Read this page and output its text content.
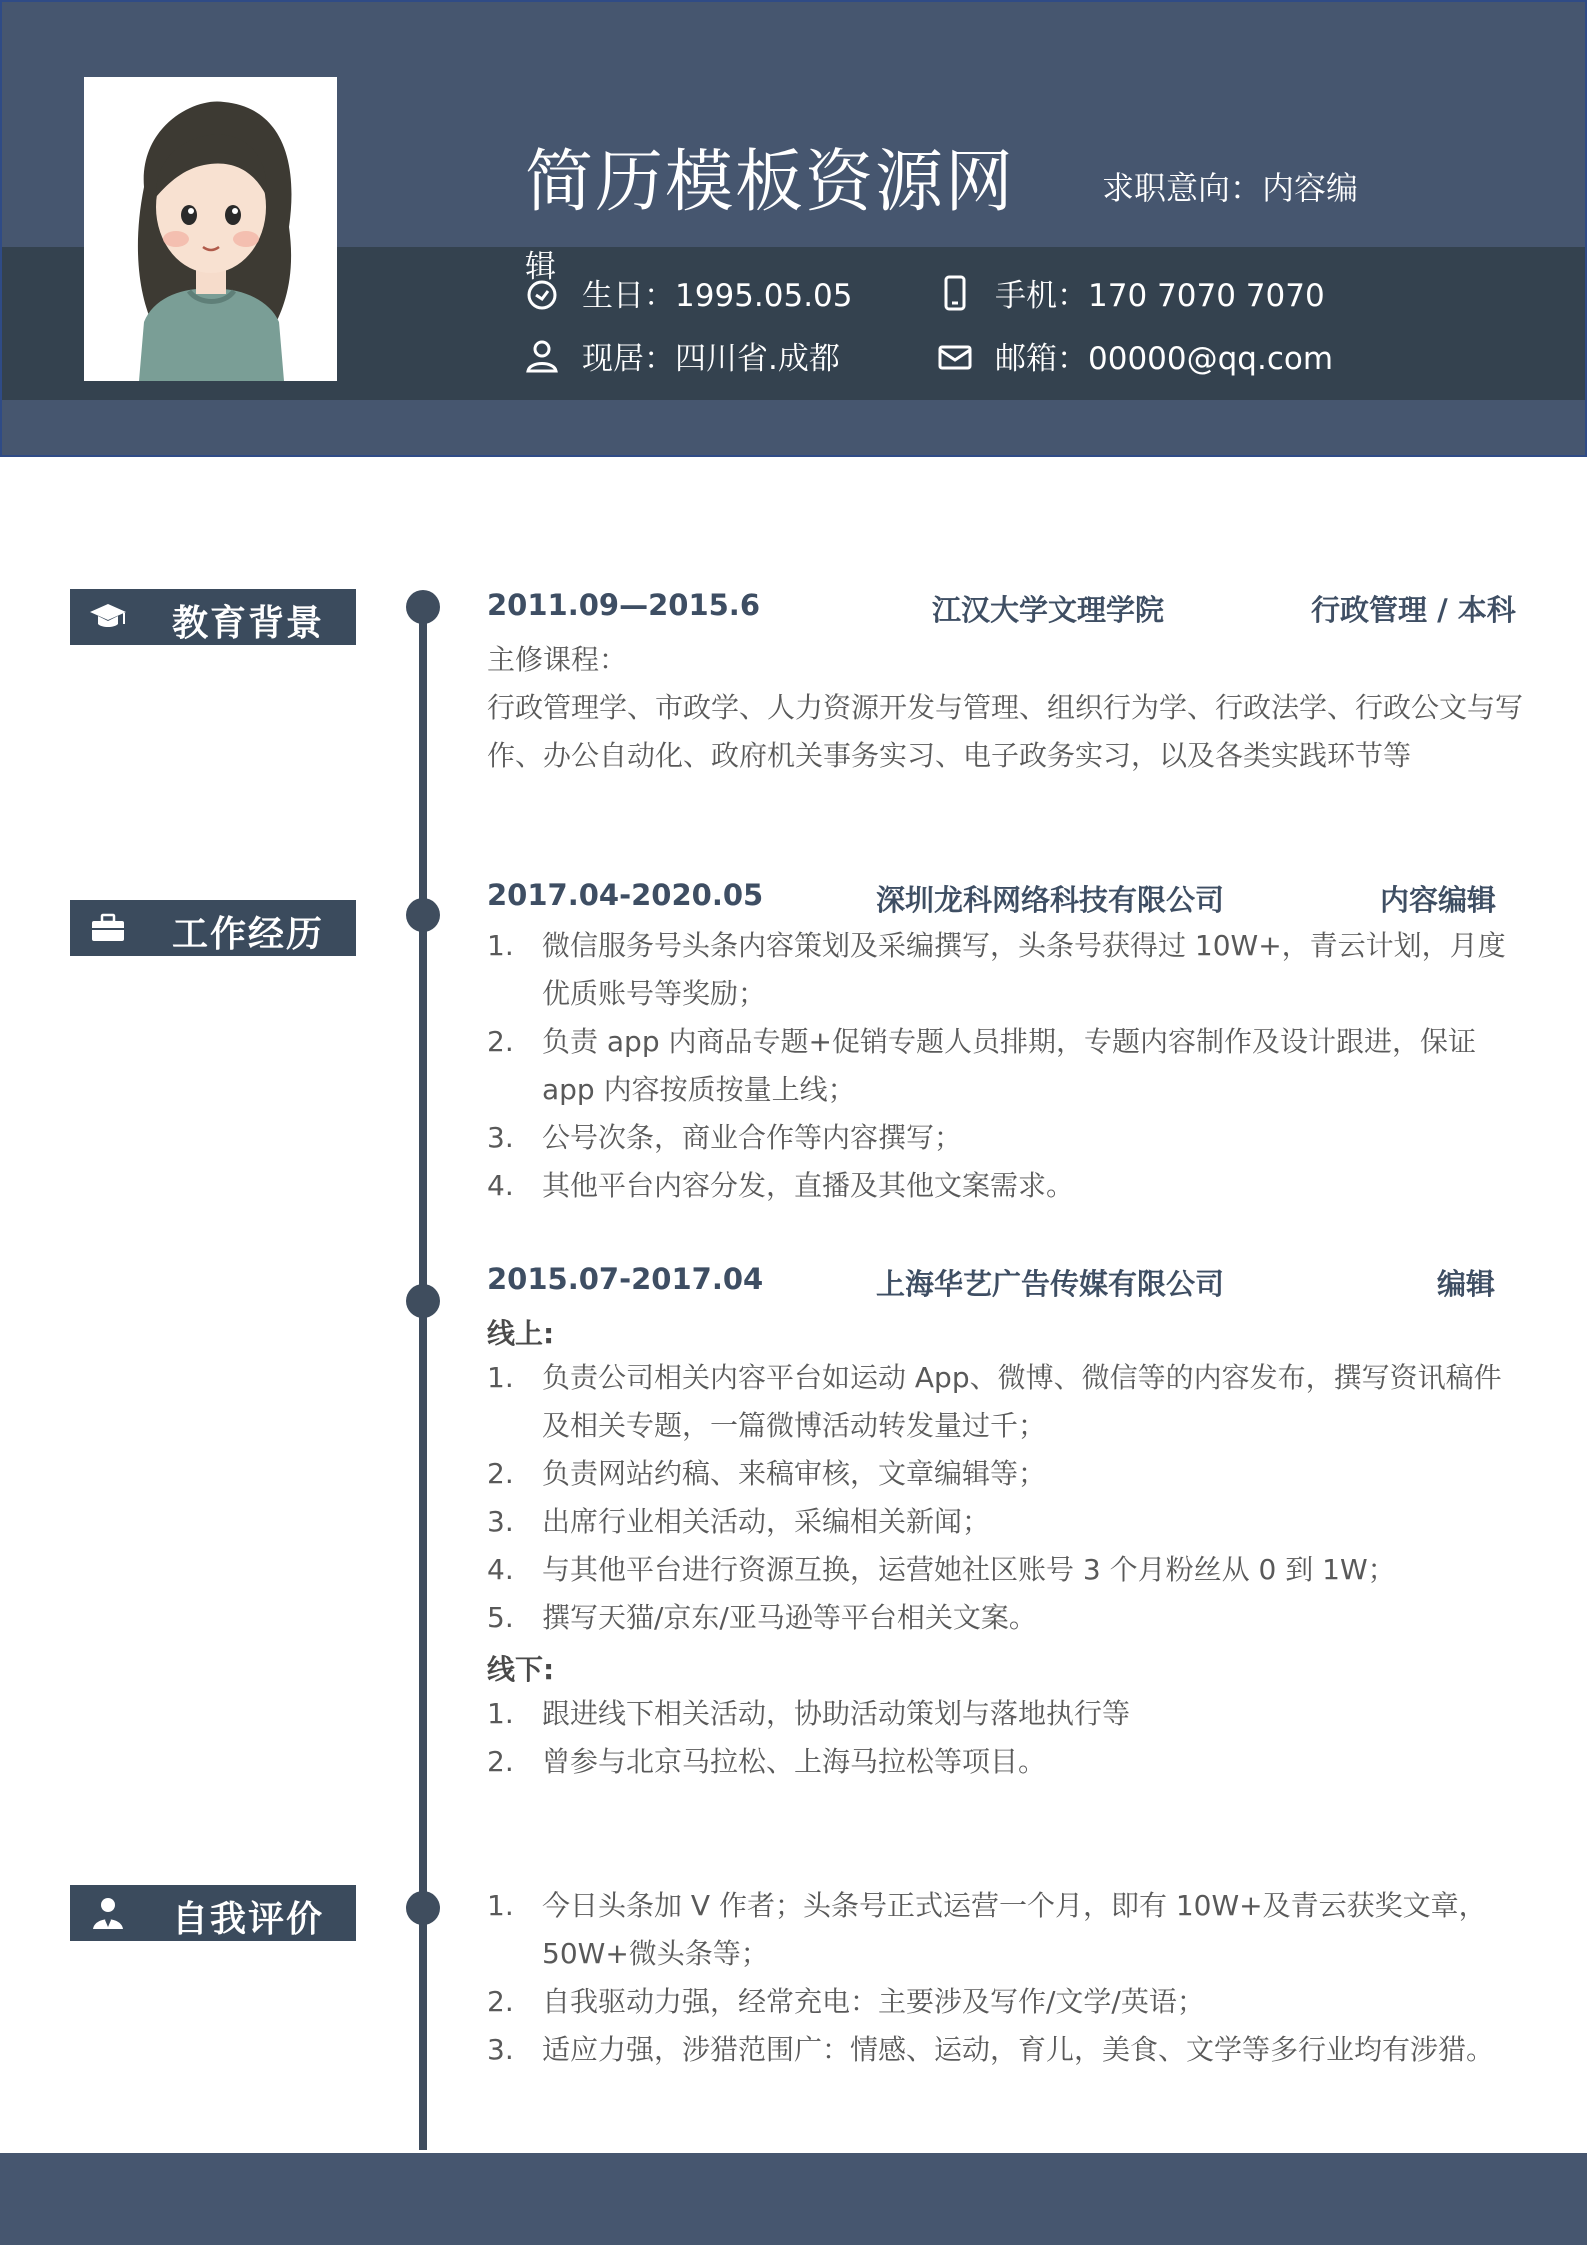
简历模板资源网	求职意向：内容编
辑
生日：1995.05.05	手机：170 7070 7070
现居：四川省.成都	邮箱：00000@qq.com
教育背景	2011.09—2015.6	江汉大学文理学院	行政管理 / 本科
主修课程：
行政管理学、市政学、人力资源开发与管理、组织行为学、行政法学、行政公文与写
作、办公自动化、政府机关事务实习、电子政务实习，以及各类实践环节等
工作经历
2017.04-2020.05	深圳龙科网络科技有限公司	内容编辑
1. 微信服务号头条内容策划及采编撰写，头条号获得过 10W+，青云计划，月度优质账号等奖励；
2. 负责 app 内商品专题+促销专题人员排期，专题内容制作及设计跟进，保证 app 内容按质按量上线；
3. 公号次条，商业合作等内容撰写；
4. 其他平台内容分发，直播及其他文案需求。
2015.07-2017.04	上海华艺广告传媒有限公司	编辑
线上:
1. 负责公司相关内容平台如运动 App、微博、微信等的内容发布，撰写资讯稿件及相关专题，一篇微博活动转发量过千；
2. 负责网站约稿、来稿审核，文章编辑等；
3. 出席行业相关活动，采编相关新闻；
4. 与其他平台进行资源互换，运营她社区账号 3 个月粉丝从 0 到 1W；
5. 撰写天猫/京东/亚马逊等平台相关文案。
线下:
1. 跟进线下相关活动，协助活动策划与落地执行等
2. 曾参与北京马拉松、上海马拉松等项目。
自我评价	1. 今日头条加 V 作者；头条号正式运营一个月，即有 10W+及青云获奖文章，50W+微头条等；
2. 自我驱动力强，经常充电：主要涉及写作/文学/英语；
3. 适应力强，涉猎范围广：情感、运动，育儿，美食、文学等多行业均有涉猎。
